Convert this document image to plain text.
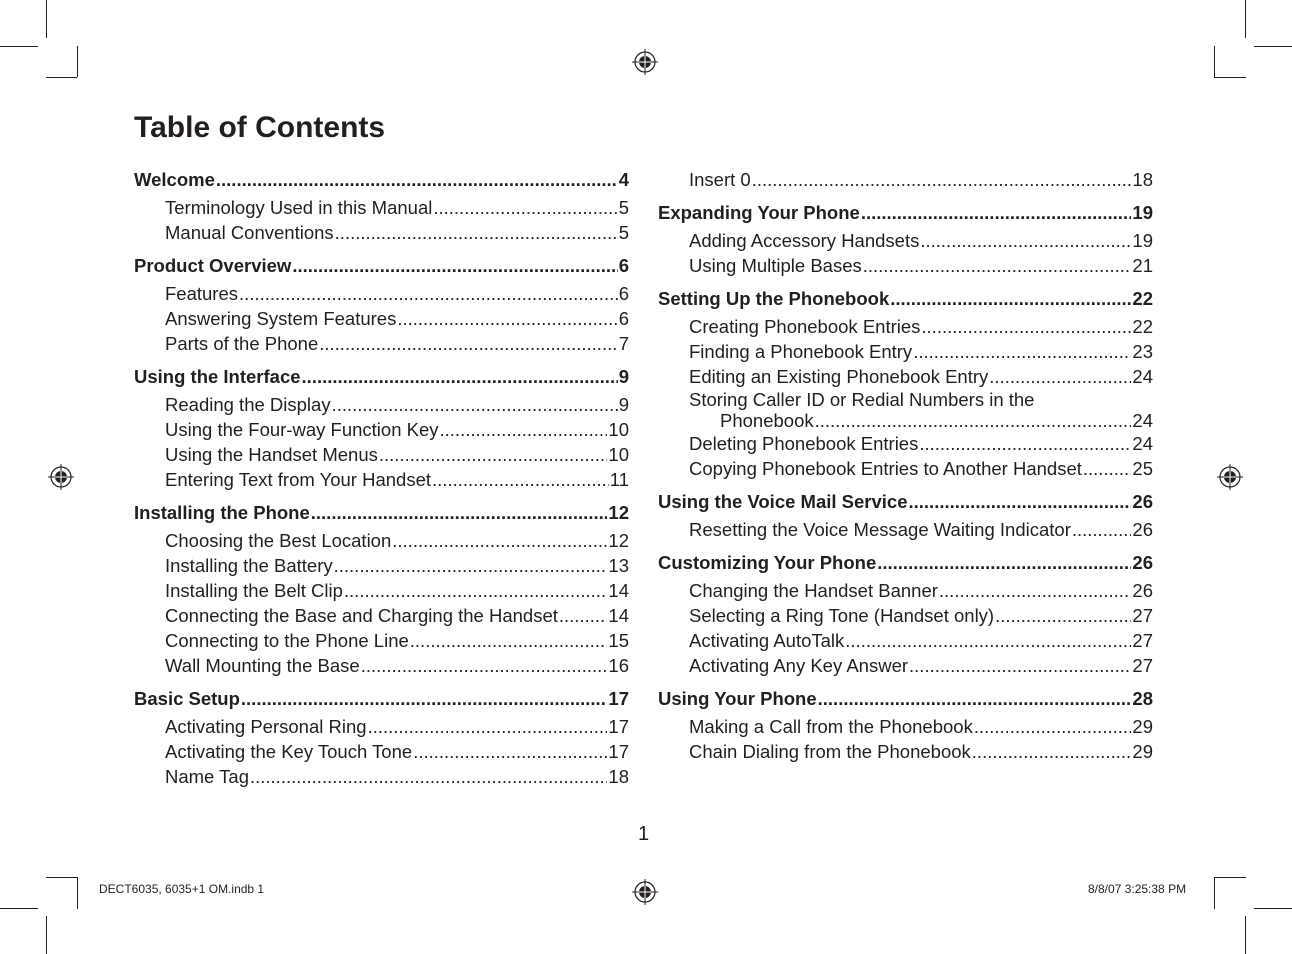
Table of Contents
Welcome .....	4
Terminology Used in this Manual .....	5
Manual Conventions .....	5
Product Overview .....	6
Features .....	6
Answering System Features .....	6
Parts of the Phone .....	7
Using the Interface .....	9
Reading the Display .....	9
Using the Four-way Function Key .....	10
Using the Handset Menus .....	10
Entering Text from Your Handset .....	11
Installing the Phone .....	12
Choosing the Best Location .....	12
Installing the Battery .....	13
Installing the Belt Clip .....	14
Connecting the Base and Charging the Handset .....	14
Connecting to the Phone Line .....	15
Wall Mounting the Base .....	16
Basic Setup .....	17
Activating Personal Ring .....	17
Activating the Key Touch Tone .....	17
Name Tag .....	18
Insert 0 .....	18
Expanding Your Phone .....	19
Adding Accessory Handsets .....	19
Using Multiple Bases .....	21
Setting Up the Phonebook .....	22
Creating Phonebook Entries .....	22
Finding a Phonebook Entry .....	23
Editing an Existing Phonebook Entry .....	24
Storing Caller ID or Redial Numbers in the
Phonebook .....	24
Deleting Phonebook Entries .....	24
Copying Phonebook Entries to Another Handset .....	25
Using the Voice Mail Service .....	26
Resetting the Voice Message Waiting Indicator .....	26
Customizing Your Phone .....	26
Changing the Handset Banner .....	26
Selecting a Ring Tone (Handset only) .....	27
Activating AutoTalk .....	27
Activating Any Key Answer .....	27
Using Your Phone .....	28
Making a Call from the Phonebook .....	29
Chain Dialing from the Phonebook .....	29
1
DECT6035, 6035+1 OM.indb 1	8/8/07 3:25:38 PM
